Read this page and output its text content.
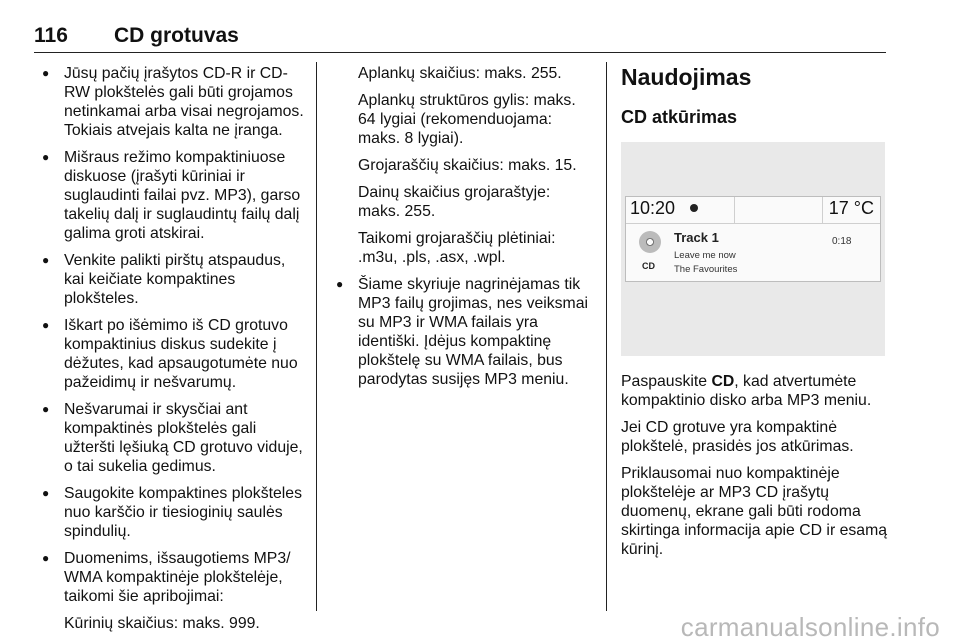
116 CD grotuvas
● Jūsų pačių įrašytos CD-R ir CD-RW plokštelės gali būti grojamos netinkamai arba visai negrojamos. Tokiais atvejais kalta ne įranga.
● Mišraus režimo kompaktiniuose diskuose (įrašyti kūriniai ir suglaudinti failai pvz. MP3), garso takelių dalį ir suglaudintų failų dalį galima groti atskirai.
● Venkite palikti pirštų atspaudus, kai keičiate kompaktines plokšteles.
● Iškart po išėmimo iš CD grotuvo kompaktinius diskus sudekite į dėžutes, kad apsaugotumėte nuo pažeidimų ir nešvarumų.
● Nešvarumai ir skysčiai ant kompaktinės plokštelės gali užteršti lęšiuką CD grotuvo viduje, o tai sukelia gedimus.
● Saugokite kompaktines plokšteles nuo karščio ir tiesioginių saulės spindulių.
● Duomenims, išsaugotiems MP3/ WMA kompaktinėje plokštelėje, taikomi šie apribojimai:
Kūrinių skaičius: maks. 999.
Aplankų skaičius: maks. 255.
Aplankų struktūros gylis: maks. 64 lygiai (rekomenduojama: maks. 8 lygiai).
Grojaraščių skaičius: maks. 15.
Dainų skaičius grojaraštyje: maks. 255.
Taikomi grojaraščių plėtiniai: .m3u, .pls, .asx, .wpl.
● Šiame skyriuje nagrinėjamas tik MP3 failų grojimas, nes veiksmai su MP3 ir WMA failais yra identiški. Įdėjus kompaktinę plokštelę su WMA failais, bus parodytas susijęs MP3 meniu.
Naudojimas
CD atkūrimas
10:20	17 °C
CD
Track 1
Leave me now
The Favourites
0:18

Paspauskite CD, kad atvertumėte kompaktinio disko arba MP3 meniu.

Jei CD grotuve yra kompaktinė plokštelė, prasidės jos atkūrimas.

Priklausomai nuo kompaktinėje plokštelėje ar MP3 CD įrašytų duomenų, ekrane gali būti rodoma skirtinga informacija apie CD ir esamą kūrinį.

carmanualsonline.info
